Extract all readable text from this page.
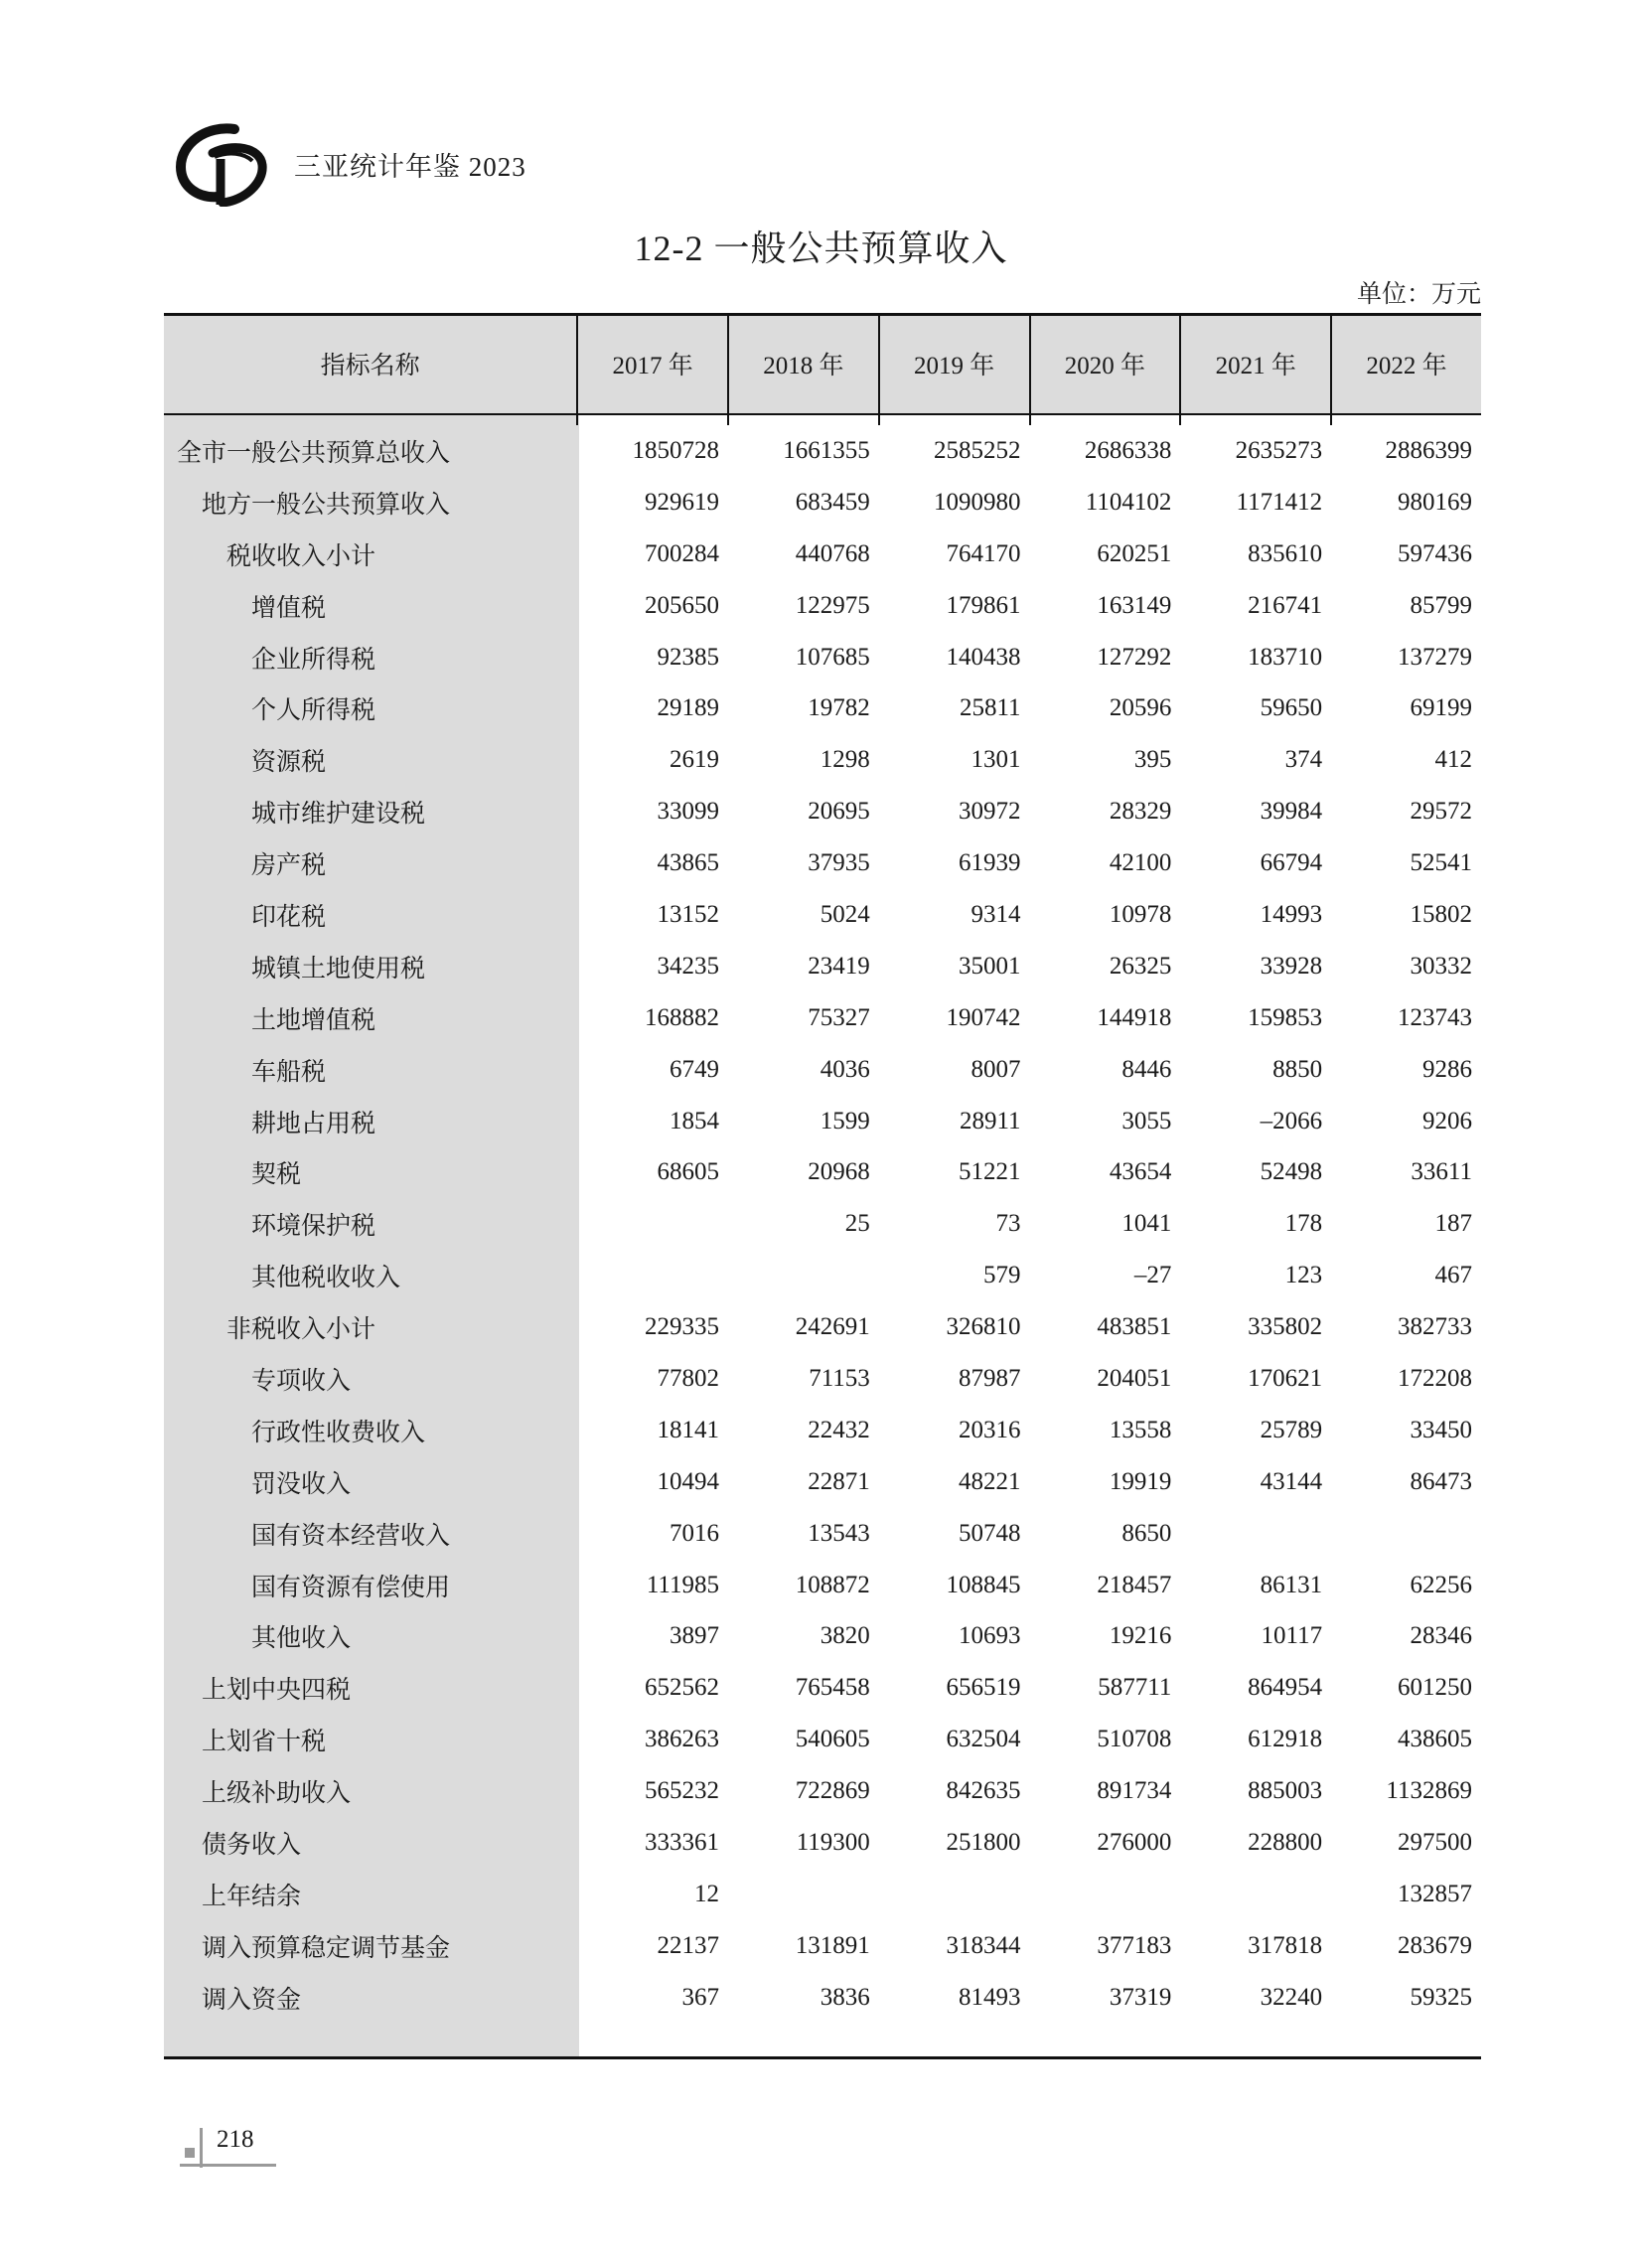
三亚统计年鉴 2023
12-2 一般公共预算收入
单位：万元
指标名称	2017 年	2018 年	2019 年	2020 年	2021 年	2022 年

全市一般公共预算总收入	1850728	1661355	2585252	2686338	2635273	2886399
地方一般公共预算收入	929619	683459	1090980	1104102	1171412	980169
税收收入小计	700284	440768	764170	620251	835610	597436
增值税	205650	122975	179861	163149	216741	85799
企业所得税	92385	107685	140438	127292	183710	137279
个人所得税	29189	19782	25811	20596	59650	69199
资源税	2619	1298	1301	395	374	412
城市维护建设税	33099	20695	30972	28329	39984	29572
房产税	43865	37935	61939	42100	66794	52541
印花税	13152	5024	9314	10978	14993	15802
城镇土地使用税	34235	23419	35001	26325	33928	30332
土地增值税	168882	75327	190742	144918	159853	123743
车船税	6749	4036	8007	8446	8850	9286
耕地占用税	1854	1599	28911	3055	–2066	9206
契税	68605	20968	51221	43654	52498	33611
环境保护税		25	73	1041	178	187
其他税收收入			579	–27	123	467
非税收入小计	229335	242691	326810	483851	335802	382733
专项收入	77802	71153	87987	204051	170621	172208
行政性收费收入	18141	22432	20316	13558	25789	33450
罚没收入	10494	22871	48221	19919	43144	86473
国有资本经营收入	7016	13543	50748	8650		
国有资源有偿使用	111985	108872	108845	218457	86131	62256
其他收入	3897	3820	10693	19216	10117	28346
上划中央四税	652562	765458	656519	587711	864954	601250
上划省十税	386263	540605	632504	510708	612918	438605
上级补助收入	565232	722869	842635	891734	885003	1132869
债务收入	333361	119300	251800	276000	228800	297500
上年结余	12					132857
调入预算稳定调节基金	22137	131891	318344	377183	317818	283679
调入资金	367	3836	81493	37319	32240	59325
218
